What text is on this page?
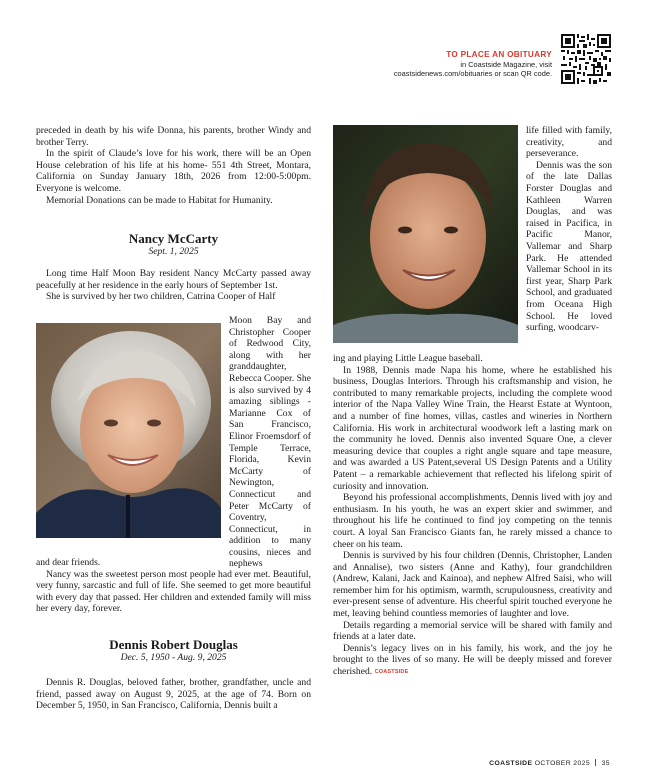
TO PLACE AN OBITUARY
in Coastside Magazine, visit
coastsidenews.com/obituaries or scan QR code.

preceded in death by his wife Donna, his parents, brother Windy and brother Terry.

In the spirit of Claude’s love for his work, there will be an Open House celebration of his life at his home- 551 4th Street, Montara, California on Sunday January 18th, 2026 from 12:00-5:00pm. Everyone is welcome.

Memorial Donations can be made to Habitat for Humanity.

Nancy McCarty

Sept. 1, 2025

Long time Half Moon Bay resident Nancy McCarty passed away peacefully at her residence in the early hours of September 1st.

She is survived by her two children, Catrina Cooper of Half

Moon Bay and Christopher Cooper of Redwood City, along with her granddaughter, Rebecca Cooper. She is also survived by 4 amazing siblings - Marianne Cox of San Francisco, Elinor Froemsdorf of Temple Terrace, Florida, Kevin McCarty of Newington, Connecticut and Peter McCarty of Coventry, Connecticut, in addition to many cousins, nieces and nephews

and dear friends.

Nancy was the sweetest person most people had ever met. Beautiful, very funny, sarcastic and full of life. She seemed to get more beautiful with every day that passed. Her children and extended family will miss her every day, forever.

Dennis Robert Douglas

Dec. 5, 1950 - Aug. 9, 2025

Dennis R. Douglas, beloved father, brother, grandfather, uncle and friend, passed away on August 9, 2025, at the age of 74. Born on December 5, 1950, in San Francisco, California, Dennis built a

life filled with family, creativity, and perseverance.

Dennis was the son of the late Dallas Forster Douglas and Kathleen Warren Douglas, and was raised in Pacifica, in Pacific Manor, Vallemar and Sharp Park. He attended Vallemar School in its first year, Sharp Park School, and graduated from Oceana High School. He loved surfing, woodcarv-

ing and playing Little League baseball.

In 1988, Dennis made Napa his home, where he established his business, Douglas Interiors. Through his craftsmanship and vision, he contributed to many remarkable projects, including the complete wood interior of the Napa Valley Wine Train, the Hearst Estate at Wyntoon, and a number of fine homes, villas, castles and wineries in Northern California. His work in architectural woodwork left a lasting mark on the community he loved. Dennis also invented Square One, a clever measuring device that couples a right angle square and tape measure, and was awarded a US Patent,several US Design Patents and a Utility Patent – a remarkable achievement that reflected his lifelong spirit of curiosity and innovation.

Beyond his professional accomplishments, Dennis lived with joy and enthusiasm. In his youth, he was an expert skier and swimmer, and throughout his life he continued to find joy competing on the tennis court. A loyal San Francisco Giants fan, he rarely missed a chance to cheer on his team.

Dennis is survived by his four children (Dennis, Christopher, Landen and Annalise), two sisters (Anne and Kathy), four grandchildren (Andrew, Kalani, Jack and Kainoa), and nephew Alfred Saisi, who will remember him for his optimism, warmth, scrupulousness, creativity and ever-present sense of adventure. His cheerful spirit touched everyone he met, leaving behind countless memories of laughter and love.

Details regarding a memorial service will be shared with family and friends at a later date.

Dennis’s legacy lives on in his family, his work, and the joy he brought to the lives of so many. He will be deeply missed and forever cherished. COASTSIDE

COASTSIDE OCTOBER 2025 35
